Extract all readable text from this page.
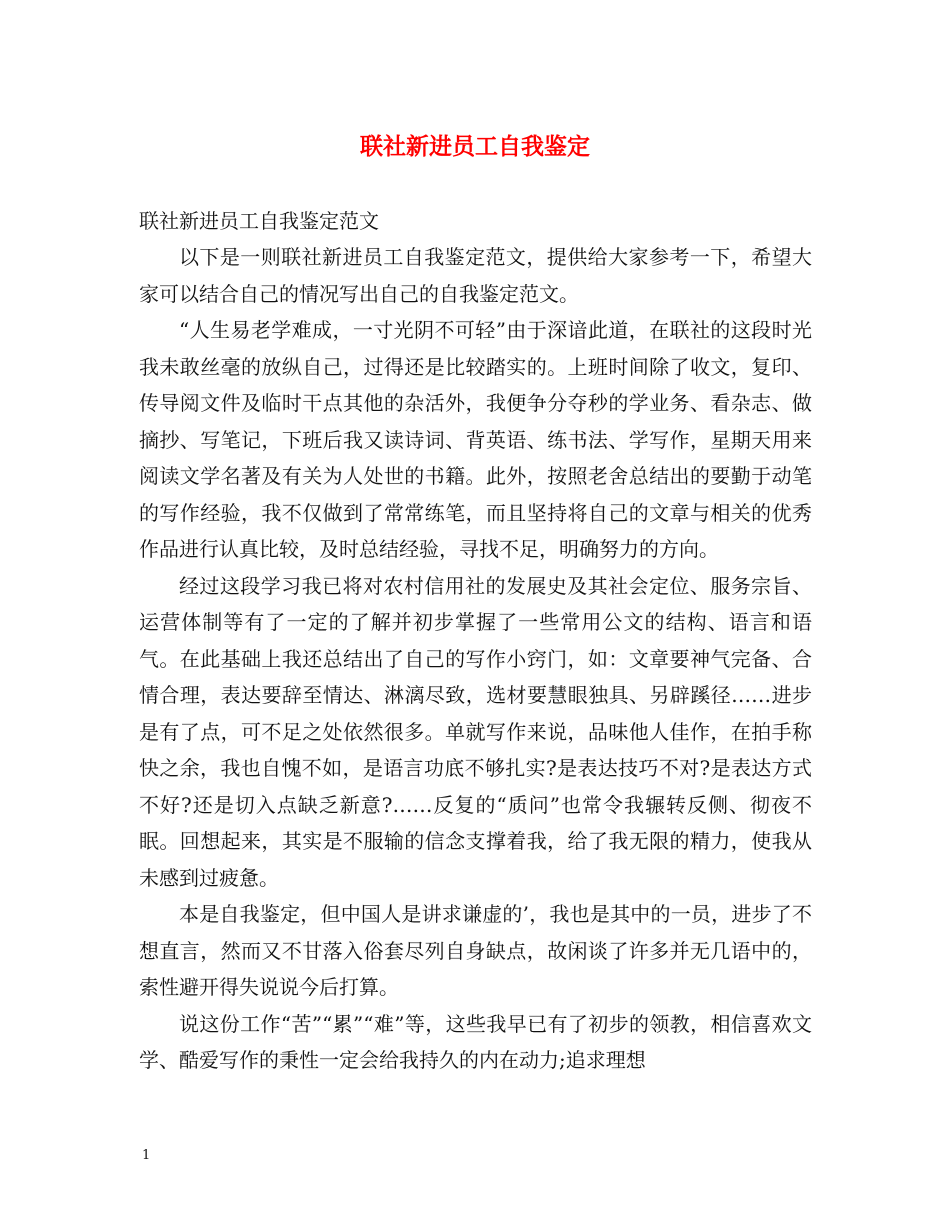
联社新进员工自我鉴定

联社新进员工自我鉴定范文

以下是一则联社新进员工自我鉴定范文，提供给大家参考一下，希望大家可以结合自己的情况写出自己的自我鉴定范文。

“人生易老学难成，一寸光阴不可轻”由于深谙此道，在联社的这段时光我未敢丝毫的放纵自己，过得还是比较踏实的。上班时间除了收文，复印、传导阅文件及临时干点其他的杂活外，我便争分夺秒的学业务、看杂志、做摘抄、写笔记，下班后我又读诗词、背英语、练书法、学写作，星期天用来阅读文学名著及有关为人处世的书籍。此外，按照老舍总结出的要勤于动笔的写作经验，我不仅做到了常常练笔，而且坚持将自己的文章与相关的优秀作品进行认真比较，及时总结经验，寻找不足，明确努力的方向。

经过这段学习我已将对农村信用社的发展史及其社会定位、服务宗旨、运营体制等有了一定的了解并初步掌握了一些常用公文的结构、语言和语气。在此基础上我还总结出了自己的写作小窍门，如：文章要神气完备、合情合理，表达要辞至情达、淋漓尽致，选材要慧眼独具、另辟蹊径……进步是有了点，可不足之处依然很多。单就写作来说，品味他人佳作，在拍手称快之余，我也自愧不如，是语言功底不够扎实?是表达技巧不对?是表达方式不好?还是切入点缺乏新意?……反复的“质问”也常令我辗转反侧、彻夜不眠。回想起来，其实是不服输的信念支撑着我，给了我无限的精力，使我从未感到过疲惫。

本是自我鉴定，但中国人是讲求谦虚的’，我也是其中的一员，进步了不想直言，然而又不甘落入俗套尽列自身缺点，故闲谈了许多并无几语中的，索性避开得失说说今后打算。

说这份工作“苦”“累”“难”等，这些我早已有了初步的领教，相信喜欢文学、酷爱写作的秉性一定会给我持久的内在动力;追求理想

1
